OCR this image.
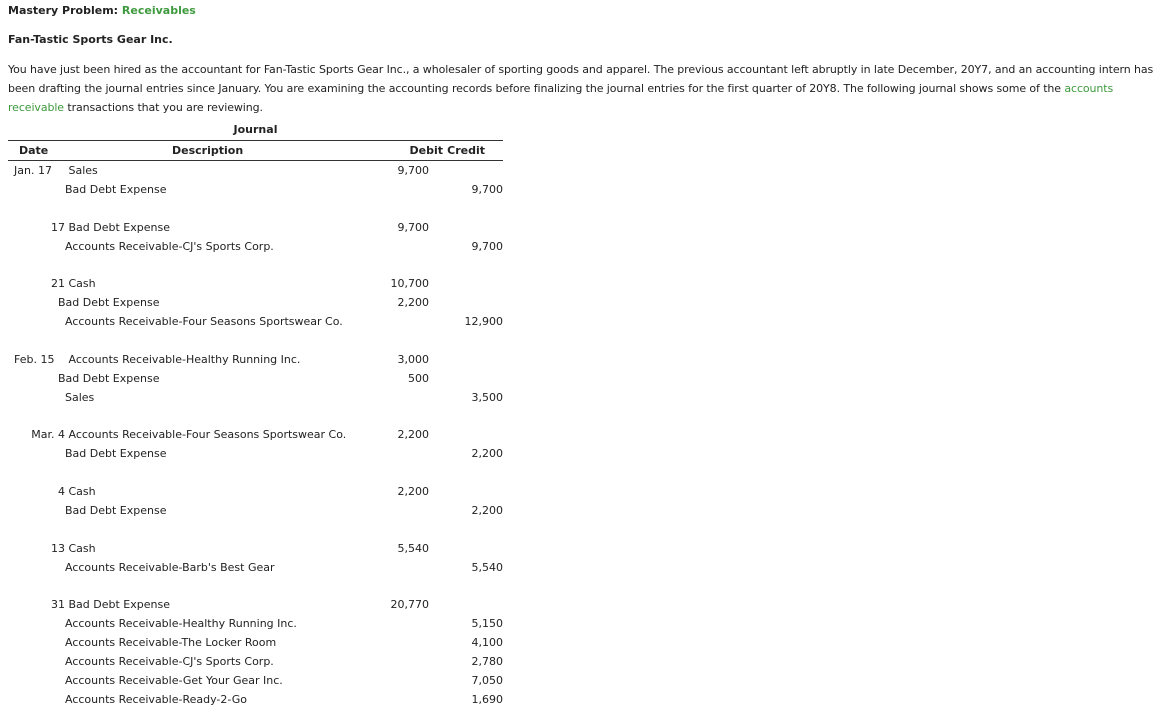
Mastery Problem: Receivables
Fan-Tastic Sports Gear Inc.
You have just been hired as the accountant for Fan-Tastic Sports Gear Inc., a wholesaler of sporting goods and apparel. The previous accountant left abruptly in late December, 20Y7, and an accounting intern has been drafting the journal entries since January. You are examining the accounting records before finalizing the journal entries for the first quarter of 20Y8. The following journal shows some of the accounts receivable transactions that you are reviewing.
Journal
Date Description	Debit	Credit
Jan. 17 Sales	9,700	
Bad Debt Expense		9,700

17 Bad Debt Expense	9,700	
Accounts Receivable-CJ's Sports Corp.		9,700

21 Cash	10,700	
Bad Debt Expense	2,200	
Accounts Receivable-Four Seasons Sportswear Co.		12,900

Feb. 15 Accounts Receivable-Healthy Running Inc.	3,000	
Bad Debt Expense	500	
Sales		3,500

Mar. 4 Accounts Receivable-Four Seasons Sportswear Co.	2,200	
Bad Debt Expense		2,200

4 Cash	2,200	
Bad Debt Expense		2,200

13 Cash	5,540	
Accounts Receivable-Barb's Best Gear		5,540

31 Bad Debt Expense	20,770	
Accounts Receivable-Healthy Running Inc.		5,150
Accounts Receivable-The Locker Room		4,100
Accounts Receivable-CJ's Sports Corp.		2,780
Accounts Receivable-Get Your Gear Inc.		7,050
Accounts Receivable-Ready-2-Go		1,690
